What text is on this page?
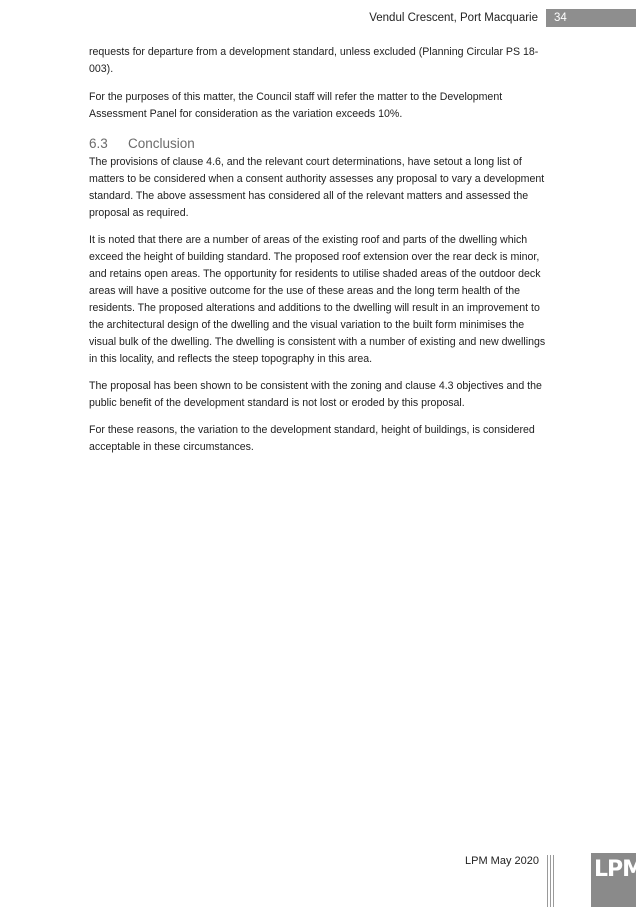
Vendul Crescent, Port Macquarie	34

requests for departure from a development standard, unless excluded (Planning Circular PS 18-003).

For the purposes of this matter, the Council staff will refer the matter to the Development Assessment Panel for consideration as the variation exceeds 10%.

6.3 Conclusion

The provisions of clause 4.6, and the relevant court determinations, have setout a long list of matters to be considered when a consent authority assesses any proposal to vary a development standard. The above assessment has considered all of the relevant matters and assessed the proposal as required.

It is noted that there are a number of areas of the existing roof and parts of the dwelling which exceed the height of building standard. The proposed roof extension over the rear deck is minor, and retains open areas. The opportunity for residents to utilise shaded areas of the outdoor deck areas will have a positive outcome for the use of these areas and the long term health of the residents. The proposed alterations and additions to the dwelling will result in an improvement to the architectural design of the dwelling and the visual variation to the built form minimises the visual bulk of the dwelling. The dwelling is consistent with a number of existing and new dwellings in this locality, and reflects the steep topography in this area.

The proposal has been shown to be consistent with the zoning and clause 4.3 objectives and the public benefit of the development standard is not lost or eroded by this proposal.

For these reasons, the variation to the development standard, height of buildings, is considered acceptable in these circumstances.

LPM May 2020	LPM
